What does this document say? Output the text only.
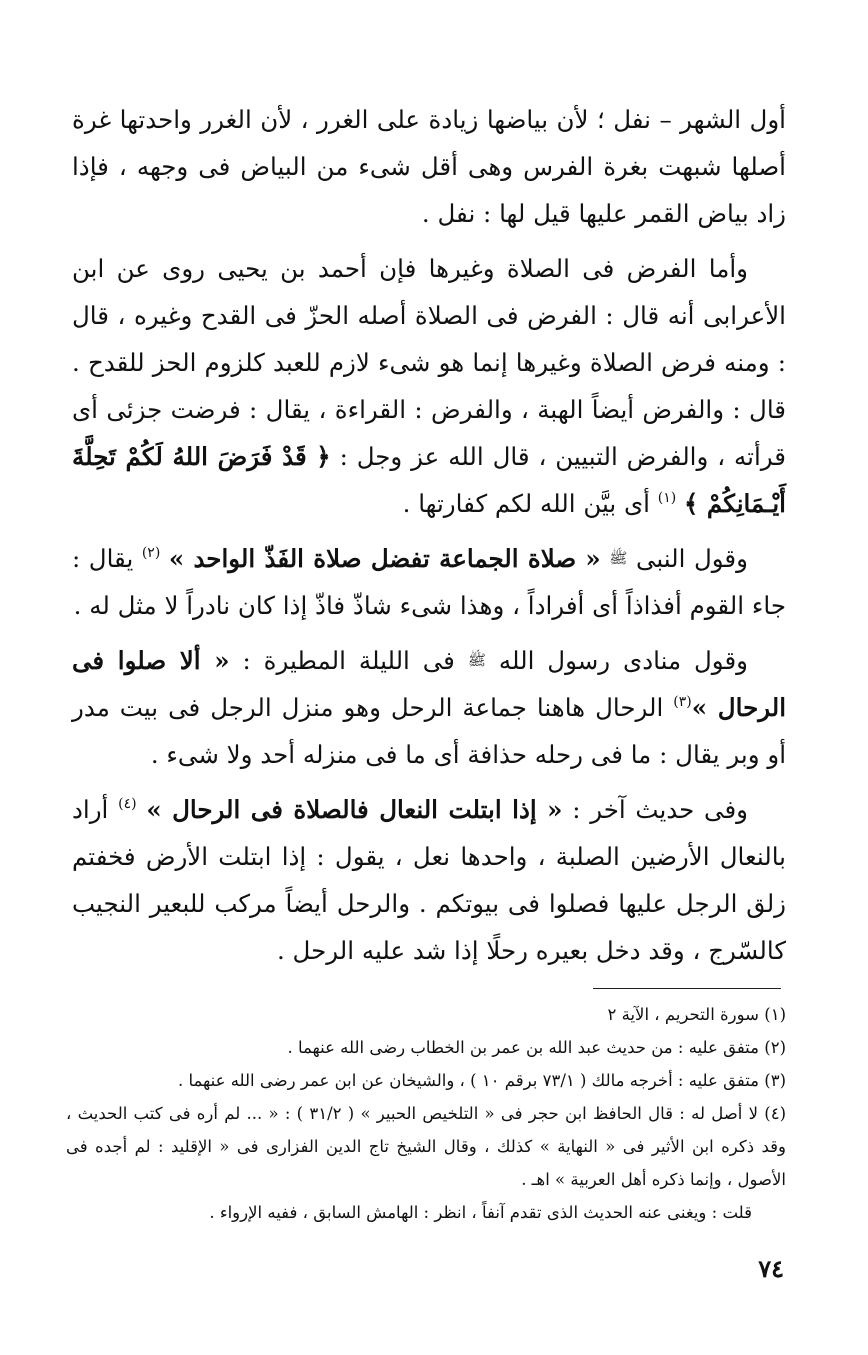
أول الشهر – نفل ؛ لأن بياضها زيادة على الغرر ، لأن الغرر واحدتها غرة أصلها شبهت بغرة الفرس وهى أقل شىء من البياض فى وجهه ، فإذا زاد بياض القمر عليها قيل لها : نفل .

وأما الفرض فى الصلاة وغيرها فإن أحمد بن يحيى روى عن ابن الأعرابى أنه قال : الفرض فى الصلاة أصله الحزّ فى القدح وغيره ، قال : ومنه فرض الصلاة وغيرها إنما هو شىء لازم للعبد كلزوم الحز للقدح . قال : والفرض أيضاً الهبة ، والفرض : القراءة ، يقال : فرضت جزئى أى قرأته ، والفرض التبيين ، قال الله عز وجل : ﴿ قَدْ فَرَضَ اللهُ لَكُمْ تَحِلَّةَ أَيْـمَانِكُمْ ﴾ $^{(١)}$ أى بيَّن الله لكم كفارتها .

وقول النبى ﷺ « صلاة الجماعة تفضل صلاة الفَذّ الواحد » $^{(٢)}$ يقال : جاء القوم أفذاذاً أى أفراداً ، وهذا شىء شاذّ فاذّ إذا كان نادراً لا مثل له .

وقول منادى رسول الله ﷺ فى الليلة المطيرة : « ألا صلوا فى الرحال »$^{(٣)}$ الرحال هاهنا جماعة الرحل وهو منزل الرجل فى بيت مدر أو وبر يقال : ما فى رحله حذافة أى ما فى منزله أحد ولا شىء .

وفى حديث آخر : « إذا ابتلت النعال فالصلاة فى الرحال » $^{(٤)}$ أراد بالنعال الأرضين الصلبة ، واحدها نعل ، يقول : إذا ابتلت الأرض فخفتم زلق الرجل عليها فصلوا فى بيوتكم . والرحل أيضاً مركب للبعير النجيب كالسّرج ، وقد دخل بعيره رحلًا إذا شد عليه الرحل .

(١) سورة التحريم ، الآية ٢

(٢) متفق عليه : من حديث عبد الله بن عمر بن الخطاب رضى الله عنهما .

(٣) متفق عليه : أخرجه مالك ( ٧٣/١ برقم ١٠ ) ، والشيخان عن ابن عمر رضى الله عنهما .

(٤) لا أصل له : قال الحافظ ابن حجر فى « التلخيص الحبير » ( ٣١/٢ ) : « ... لم أره فى كتب الحديث ، وقد ذكره ابن الأثير فى « النهاية » كذلك ، وقال الشيخ تاج الدين الفزارى فى « الإقليد : لم أجده فى الأصول ، وإنما ذكره أهل العربية » اهـ .

قلت : ويغنى عنه الحديث الذى تقدم آنفاً ، انظر : الهامش السابق ، ففيه الإرواء .

٧٤
